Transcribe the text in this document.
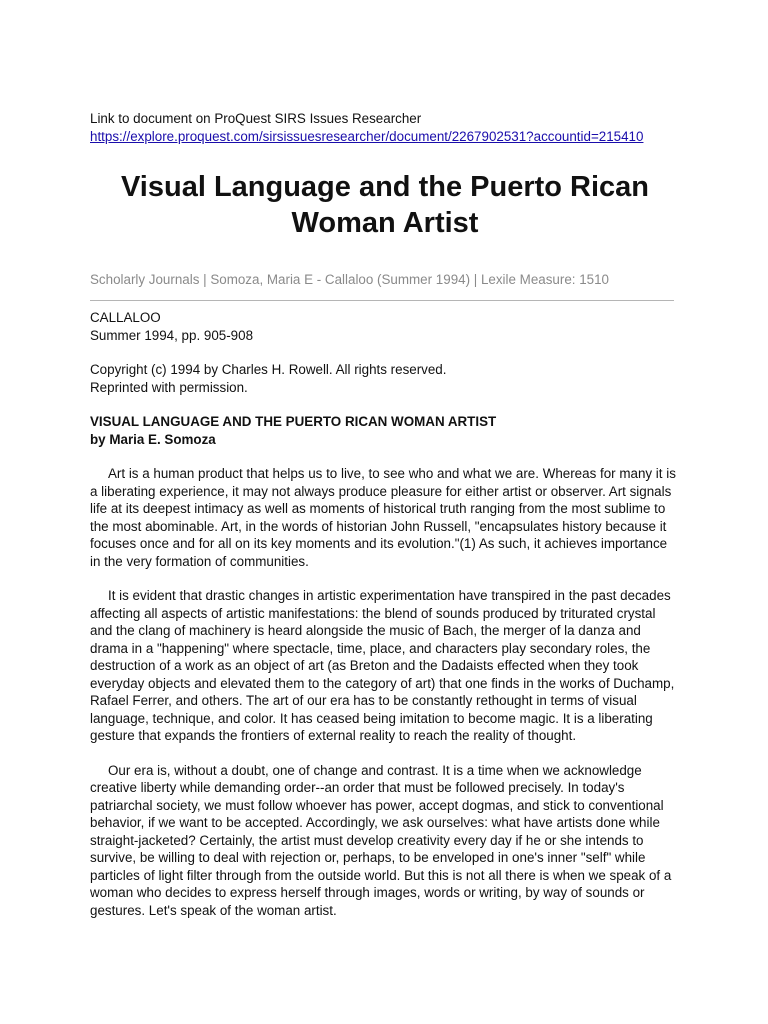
Link to document on ProQuest SIRS Issues Researcher
https://explore.proquest.com/sirsissuesresearcher/document/2267902531?accountid=215410
Visual Language and the Puerto Rican Woman Artist
Scholarly Journals | Somoza, Maria E - Callaloo (Summer 1994) | Lexile Measure: 1510
CALLALOO
Summer 1994, pp. 905-908
Copyright (c) 1994 by Charles H. Rowell. All rights reserved.
Reprinted with permission.
VISUAL LANGUAGE AND THE PUERTO RICAN WOMAN ARTIST
by Maria E. Somoza

Art is a human product that helps us to live, to see who and what we are. Whereas for many it is a liberating experience, it may not always produce pleasure for either artist or observer. Art signals life at its deepest intimacy as well as moments of historical truth ranging from the most sublime to the most abominable. Art, in the words of historian John Russell, "encapsulates history because it focuses once and for all on its key moments and its evolution."(1) As such, it achieves importance in the very formation of communities.

It is evident that drastic changes in artistic experimentation have transpired in the past decades affecting all aspects of artistic manifestations: the blend of sounds produced by triturated crystal and the clang of machinery is heard alongside the music of Bach, the merger of la danza and drama in a "happening" where spectacle, time, place, and characters play secondary roles, the destruction of a work as an object of art (as Breton and the Dadaists effected when they took everyday objects and elevated them to the category of art) that one finds in the works of Duchamp, Rafael Ferrer, and others. The art of our era has to be constantly rethought in terms of visual language, technique, and color. It has ceased being imitation to become magic. It is a liberating gesture that expands the frontiers of external reality to reach the reality of thought.

Our era is, without a doubt, one of change and contrast. It is a time when we acknowledge creative liberty while demanding order--an order that must be followed precisely. In today's patriarchal society, we must follow whoever has power, accept dogmas, and stick to conventional behavior, if we want to be accepted. Accordingly, we ask ourselves: what have artists done while straight-jacketed? Certainly, the artist must develop creativity every day if he or she intends to survive, be willing to deal with rejection or, perhaps, to be enveloped in one's inner "self" while particles of light filter through from the outside world. But this is not all there is when we speak of a woman who decides to express herself through images, words or writing, by way of sounds or gestures. Let's speak of the woman artist.
